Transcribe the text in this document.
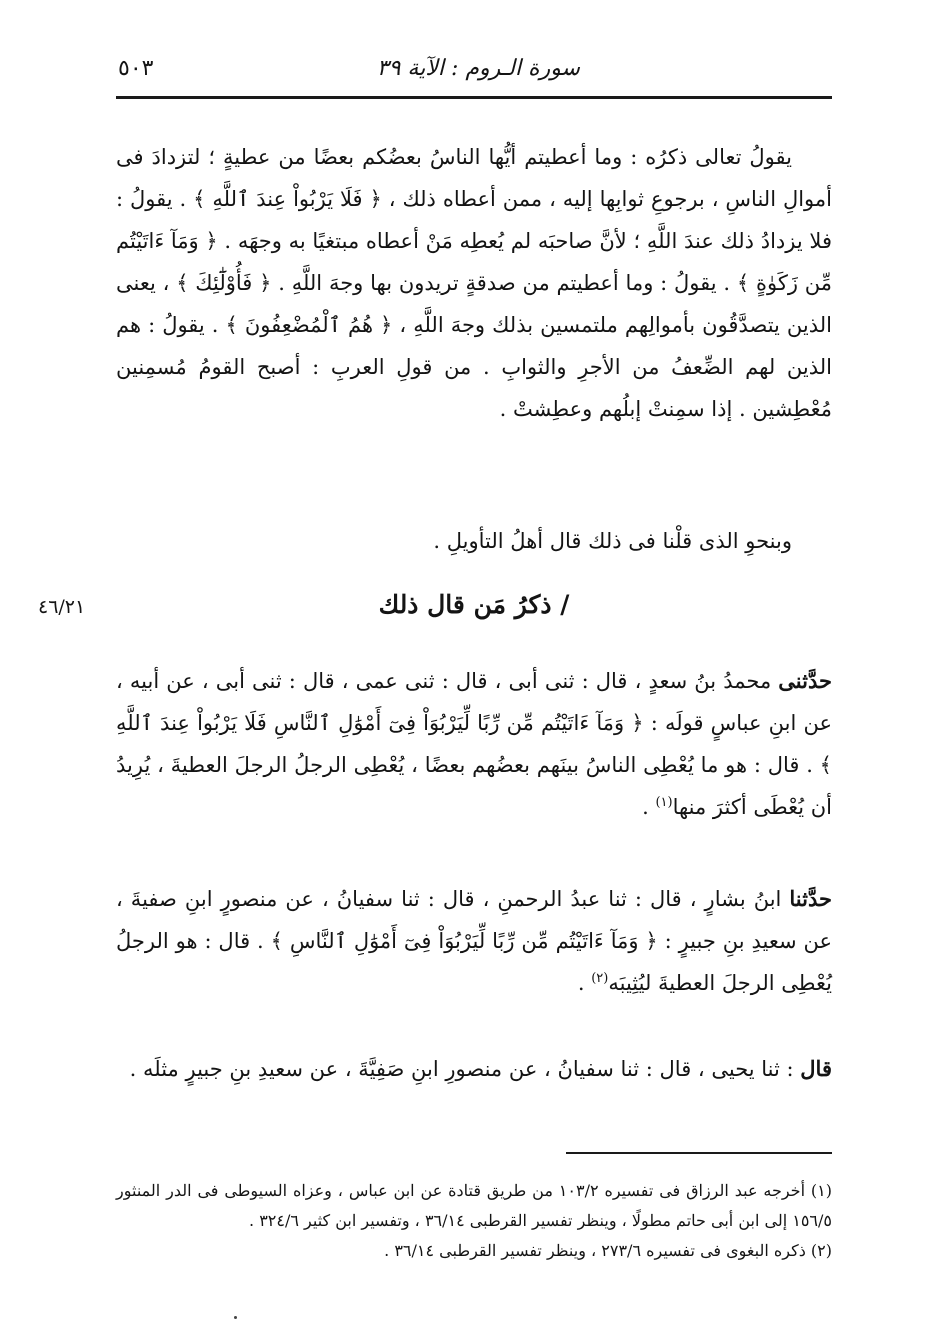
سورة الـروم : الآية ٣٩
٥٠٣
يقولُ تعالى ذكرُه : وما أعطيتم أيُّها الناسُ بعضُكم بعضًا من عطيةٍ ؛ لتزدادَ فى أموالِ الناسِ ، برجوعِ ثوابِها إليه ، ممن أعطاه ذلك ، ﴿ فَلَا يَرْبُواْ عِندَ ٱللَّهِ ﴾ . يقولُ : فلا يزدادُ ذلك عندَ اللَّهِ ؛ لأنَّ صاحبَه لم يُعطِه مَنْ أعطاه مبتغيًا به وجهَه . ﴿ وَمَآ ءَاتَيْتُم مِّن زَكَوٰةٍ ﴾ . يقولُ : وما أعطيتم من صدقةٍ تريدون بها وجهَ اللَّهِ . ﴿ فَأُوْلَٰٓئِكَ ﴾ ، يعنى الذين يتصدَّقُون بأموالِهم ملتمسين بذلك وجهَ اللَّهِ ، ﴿ هُمُ ٱلْمُضْعِفُونَ ﴾ . يقولُ : هم الذين لهم الضِّعفُ من الأجرِ والثوابِ . من قولِ العربِ : أصبح القومُ مُسمِنين مُعْطِشين . إذا سمِنتْ إبلُهم وعطِشتْ .
وبنحوِ الذى قلْنا فى ذلك قال أهلُ التأويلِ .
٤٦/٢١	/ ذكرُ مَن قال ذلك
حدَّثنى محمدُ بنُ سعدٍ ، قال : ثنى أبى ، قال : ثنى عمى ، قال : ثنى أبى ، عن أبيه ، عن ابنِ عباسٍ قولَه : ﴿ وَمَآ ءَاتَيْتُم مِّن رِّبًا لِّيَرْبُوَاْ فِىٓ أَمْوَٰلِ ٱلنَّاسِ فَلَا يَرْبُواْ عِندَ ٱللَّهِ ﴾ . قال : هو ما يُعْطِى الناسُ بينَهم بعضُهم بعضًا ، يُعْطِى الرجلُ الرجلَ العطيةَ ، يُرِيدُ أن يُعْطَى أكثرَ منها$^{(١)}$ .
حدَّثنا ابنُ بشارٍ ، قال : ثنا عبدُ الرحمنِ ، قال : ثنا سفيانُ ، عن منصورٍ ابنِ صفيةَ ، عن سعيدِ بنِ جبيرٍ : ﴿ وَمَآ ءَاتَيْتُم مِّن رِّبًا لِّيَرْبُوَاْ فِىٓ أَمْوَٰلِ ٱلنَّاسِ ﴾ . قال : هو الرجلُ يُعْطِى الرجلَ العطيةَ ليُثِيبَه$^{(٢)}$ .
قال : ثنا يحيى ، قال : ثنا سفيانُ ، عن منصورِ ابنِ صَفِيَّةَ ، عن سعيدِ بنِ جبيرٍ مثلَه .

(١) أخرجه عبد الرزاق فى تفسيره ١٠٣/٢ من طريق قتادة عن ابن عباس ، وعزاه السيوطى فى الدر المنثور ١٥٦/٥ إلى ابن أبى حاتم مطولًا ، وينظر تفسير القرطبى ٣٦/١٤ ، وتفسير ابن كثير ٣٢٤/٦ .

(٢) ذكره البغوى فى تفسيره ٢٧٣/٦ ، وينظر تفسير القرطبى ٣٦/١٤ .
